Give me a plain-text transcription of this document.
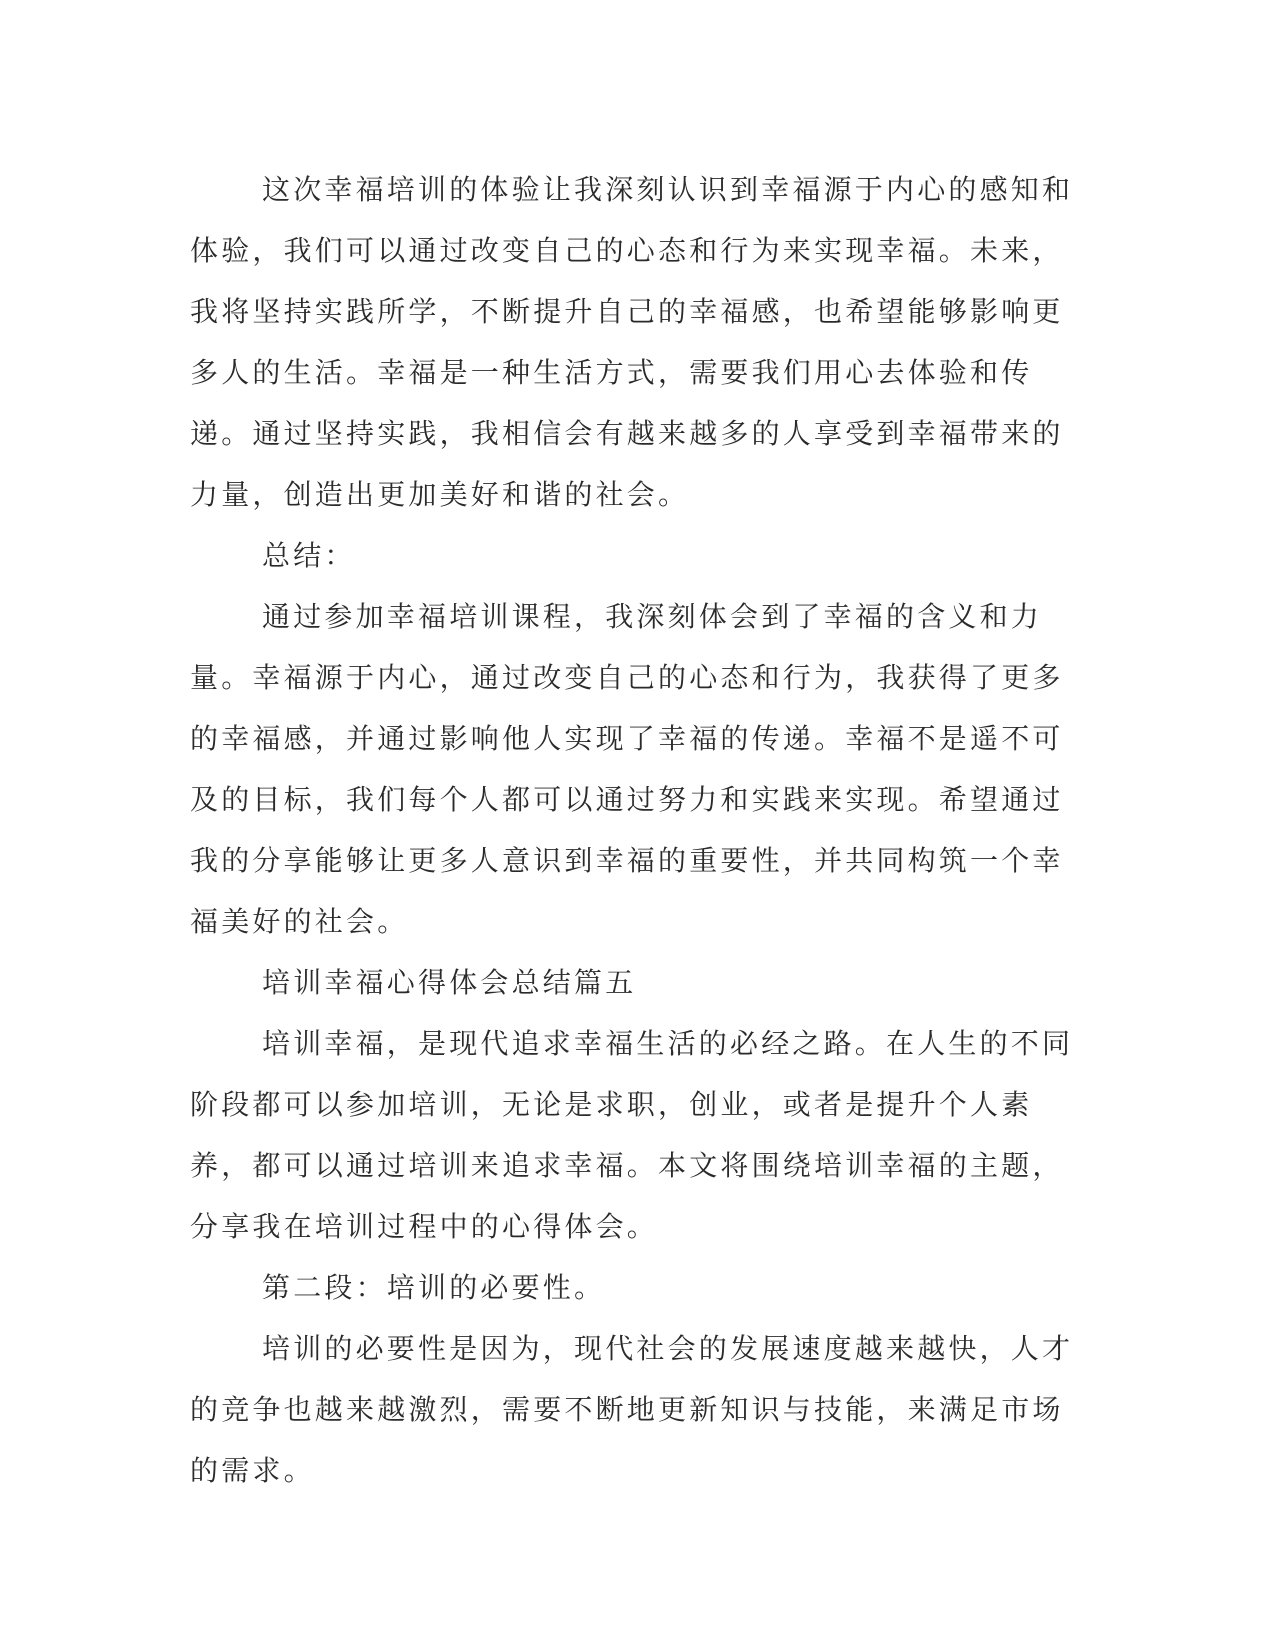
这次幸福培训的体验让我深刻认识到幸福源于内心的感知和体验，我们可以通过改变自己的心态和行为来实现幸福。未来，我将坚持实践所学，不断提升自己的幸福感，也希望能够影响更多人的生活。幸福是一种生活方式，需要我们用心去体验和传递。通过坚持实践，我相信会有越来越多的人享受到幸福带来的力量，创造出更加美好和谐的社会。

总结：

通过参加幸福培训课程，我深刻体会到了幸福的含义和力量。幸福源于内心，通过改变自己的心态和行为，我获得了更多的幸福感，并通过影响他人实现了幸福的传递。幸福不是遥不可及的目标，我们每个人都可以通过努力和实践来实现。希望通过我的分享能够让更多人意识到幸福的重要性，并共同构筑一个幸福美好的社会。

培训幸福心得体会总结篇五

培训幸福，是现代追求幸福生活的必经之路。在人生的不同阶段都可以参加培训，无论是求职，创业，或者是提升个人素养，都可以通过培训来追求幸福。本文将围绕培训幸福的主题，分享我在培训过程中的心得体会。

第二段：培训的必要性。

培训的必要性是因为，现代社会的发展速度越来越快，人才的竞争也越来越激烈，需要不断地更新知识与技能，来满足市场的需求。
